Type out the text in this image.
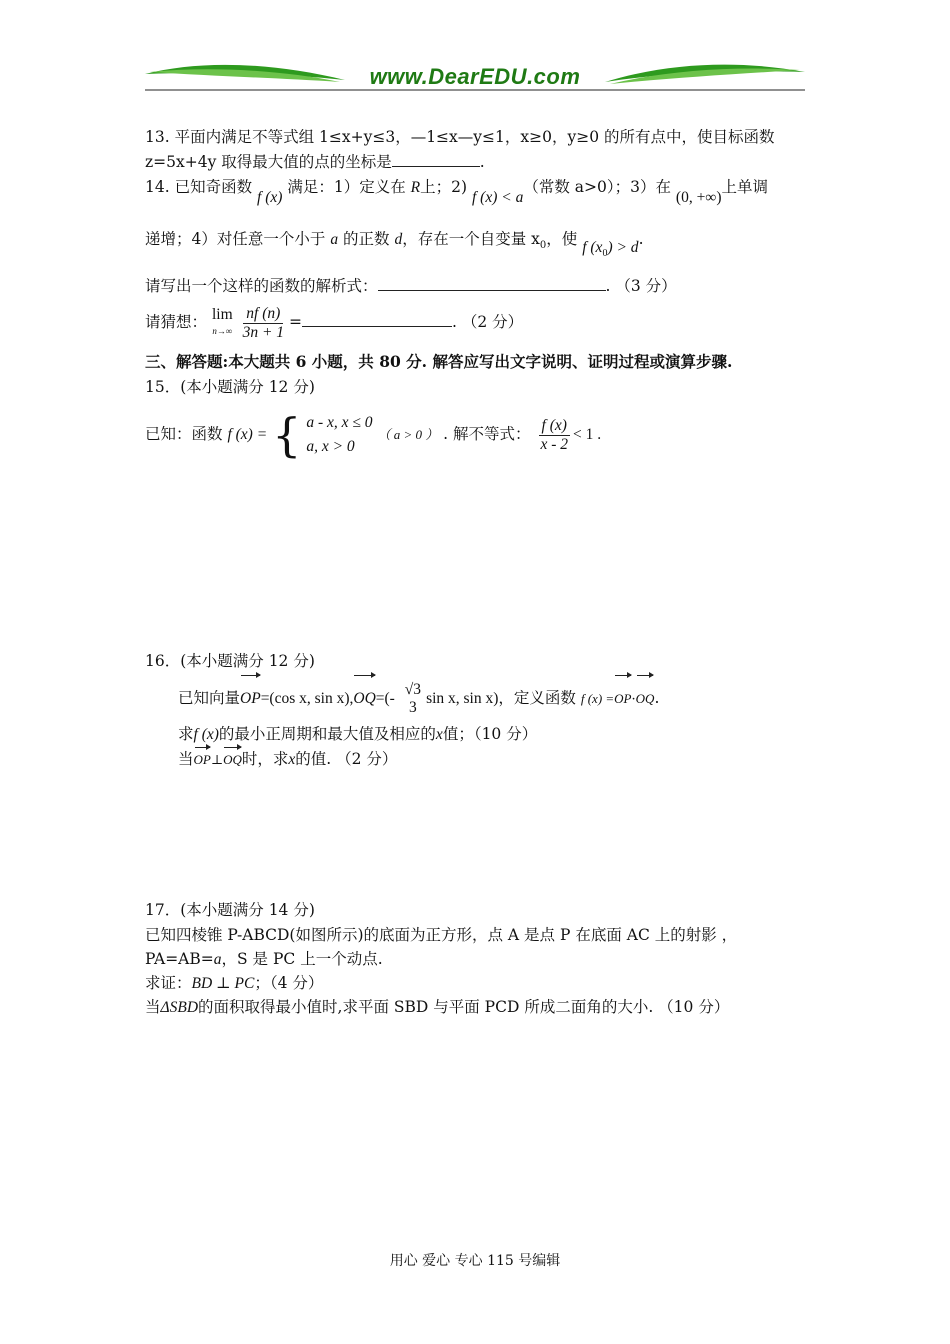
www.DearEDU.com
13. 平面内满足不等式组 1≤x+y≤3，—1≤x—y≤1，x≥0，y≥0 的所有点中，使目标函数
z=5x+4y 取得最大值的点的坐标是	.
14. 已知奇函数 f (x) 满足：1）定义在 R上；2) f (x) < a（常数 a>0）；3）在 (0, +∞)上单调
递增；4）对任意一个小于 a 的正数 d，存在一个自变量 $x_0$，使 f $(x_0) > d$.
请写出一个这样的函数的解析式：	. （3 分）
请猜想： lim
n→∞
$\frac{nf (n)}{3n + 1}$ =	. （2 分）
三、解答题:本大题共 6 小题，共 80 分. 解答应写出文字说明、证明过程或演算步骤.
15．(本小题满分 12 分)
已知：函数 f (x) = { a - x, x ≤ 0
a, x > 0
（ a > 0 ） . 解不等式： $\frac{f (x)}{x - 2} < 1$ .
16．(本小题满分 12 分)
已知向量OP=(cos x, sin x),OQ=(-
√3
3
sin x, sin x)，定义函数 f (x) =OP·OQ.
求f (x)的最小正周期和最大值及相应的x值；（10 分）
当OP⊥OQ时，求x的值. （2 分）
17．(本小题满分 14 分)
已知四棱锥 P-ABCD(如图所示)的底面为正方形，点 A 是点 P 在底面 AC 上的射影 ，
PA=AB=a，S 是 PC 上一个动点.
求证：BD ⊥ PC；（4 分）
当ΔSBD的面积取得最小值时,求平面 SBD 与平面 PCD 所成二面角的大小. （10 分）
用心 爱心 专心 115 号编辑
